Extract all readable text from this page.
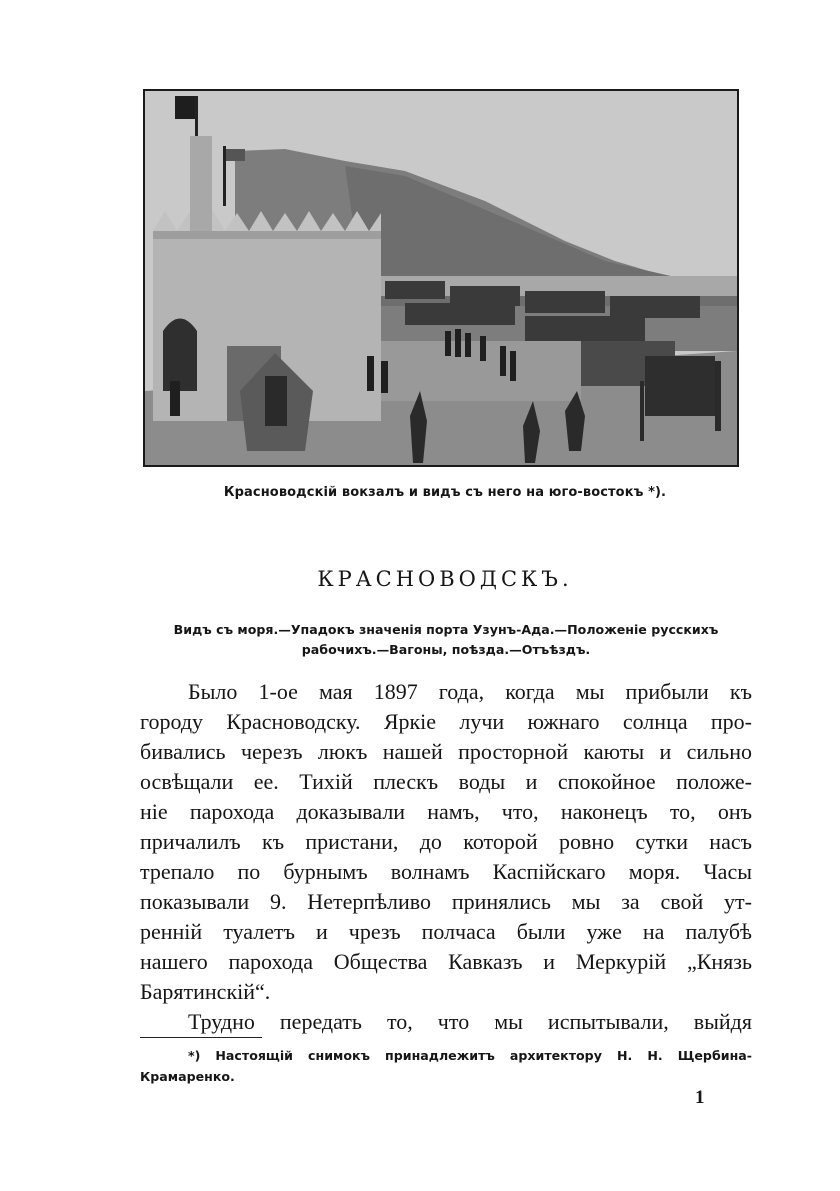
Красноводскій вокзалъ и видъ съ него на юго-востокъ *).
КРАСНОВОДСКЪ.
Видъ съ моря.—Упадокъ значенія порта Узунъ-Ада.—Положеніе русскихъ
рабочихъ.—Вагоны, поѣзда.—Отъѣздъ.
Было 1-ое мая 1897 года, когда мы прибыли къ
городу Красноводску. Яркіе лучи южнаго солнца про-
бивались черезъ люкъ нашей просторной каюты и сильно
освѣщали ее. Тихій плескъ воды и спокойное положе-
ніе парохода доказывали намъ, что, наконецъ то, онъ
причалилъ къ пристани, до которой ровно сутки насъ
трепало по бурнымъ волнамъ Каспійскаго моря. Часы
показывали 9. Нетерпѣливо принялись мы за свой ут-
ренній туалетъ и чрезъ полчаса были уже на палубѣ
нашего парохода Общества Кавказъ и Меркурій „Князь
Барятинскій“.
Трудно передать то, что мы испытывали, выйдя
*) Настоящій снимокъ принадлежитъ архитектору Н. Н. Щербина-
Крамаренко.
1
